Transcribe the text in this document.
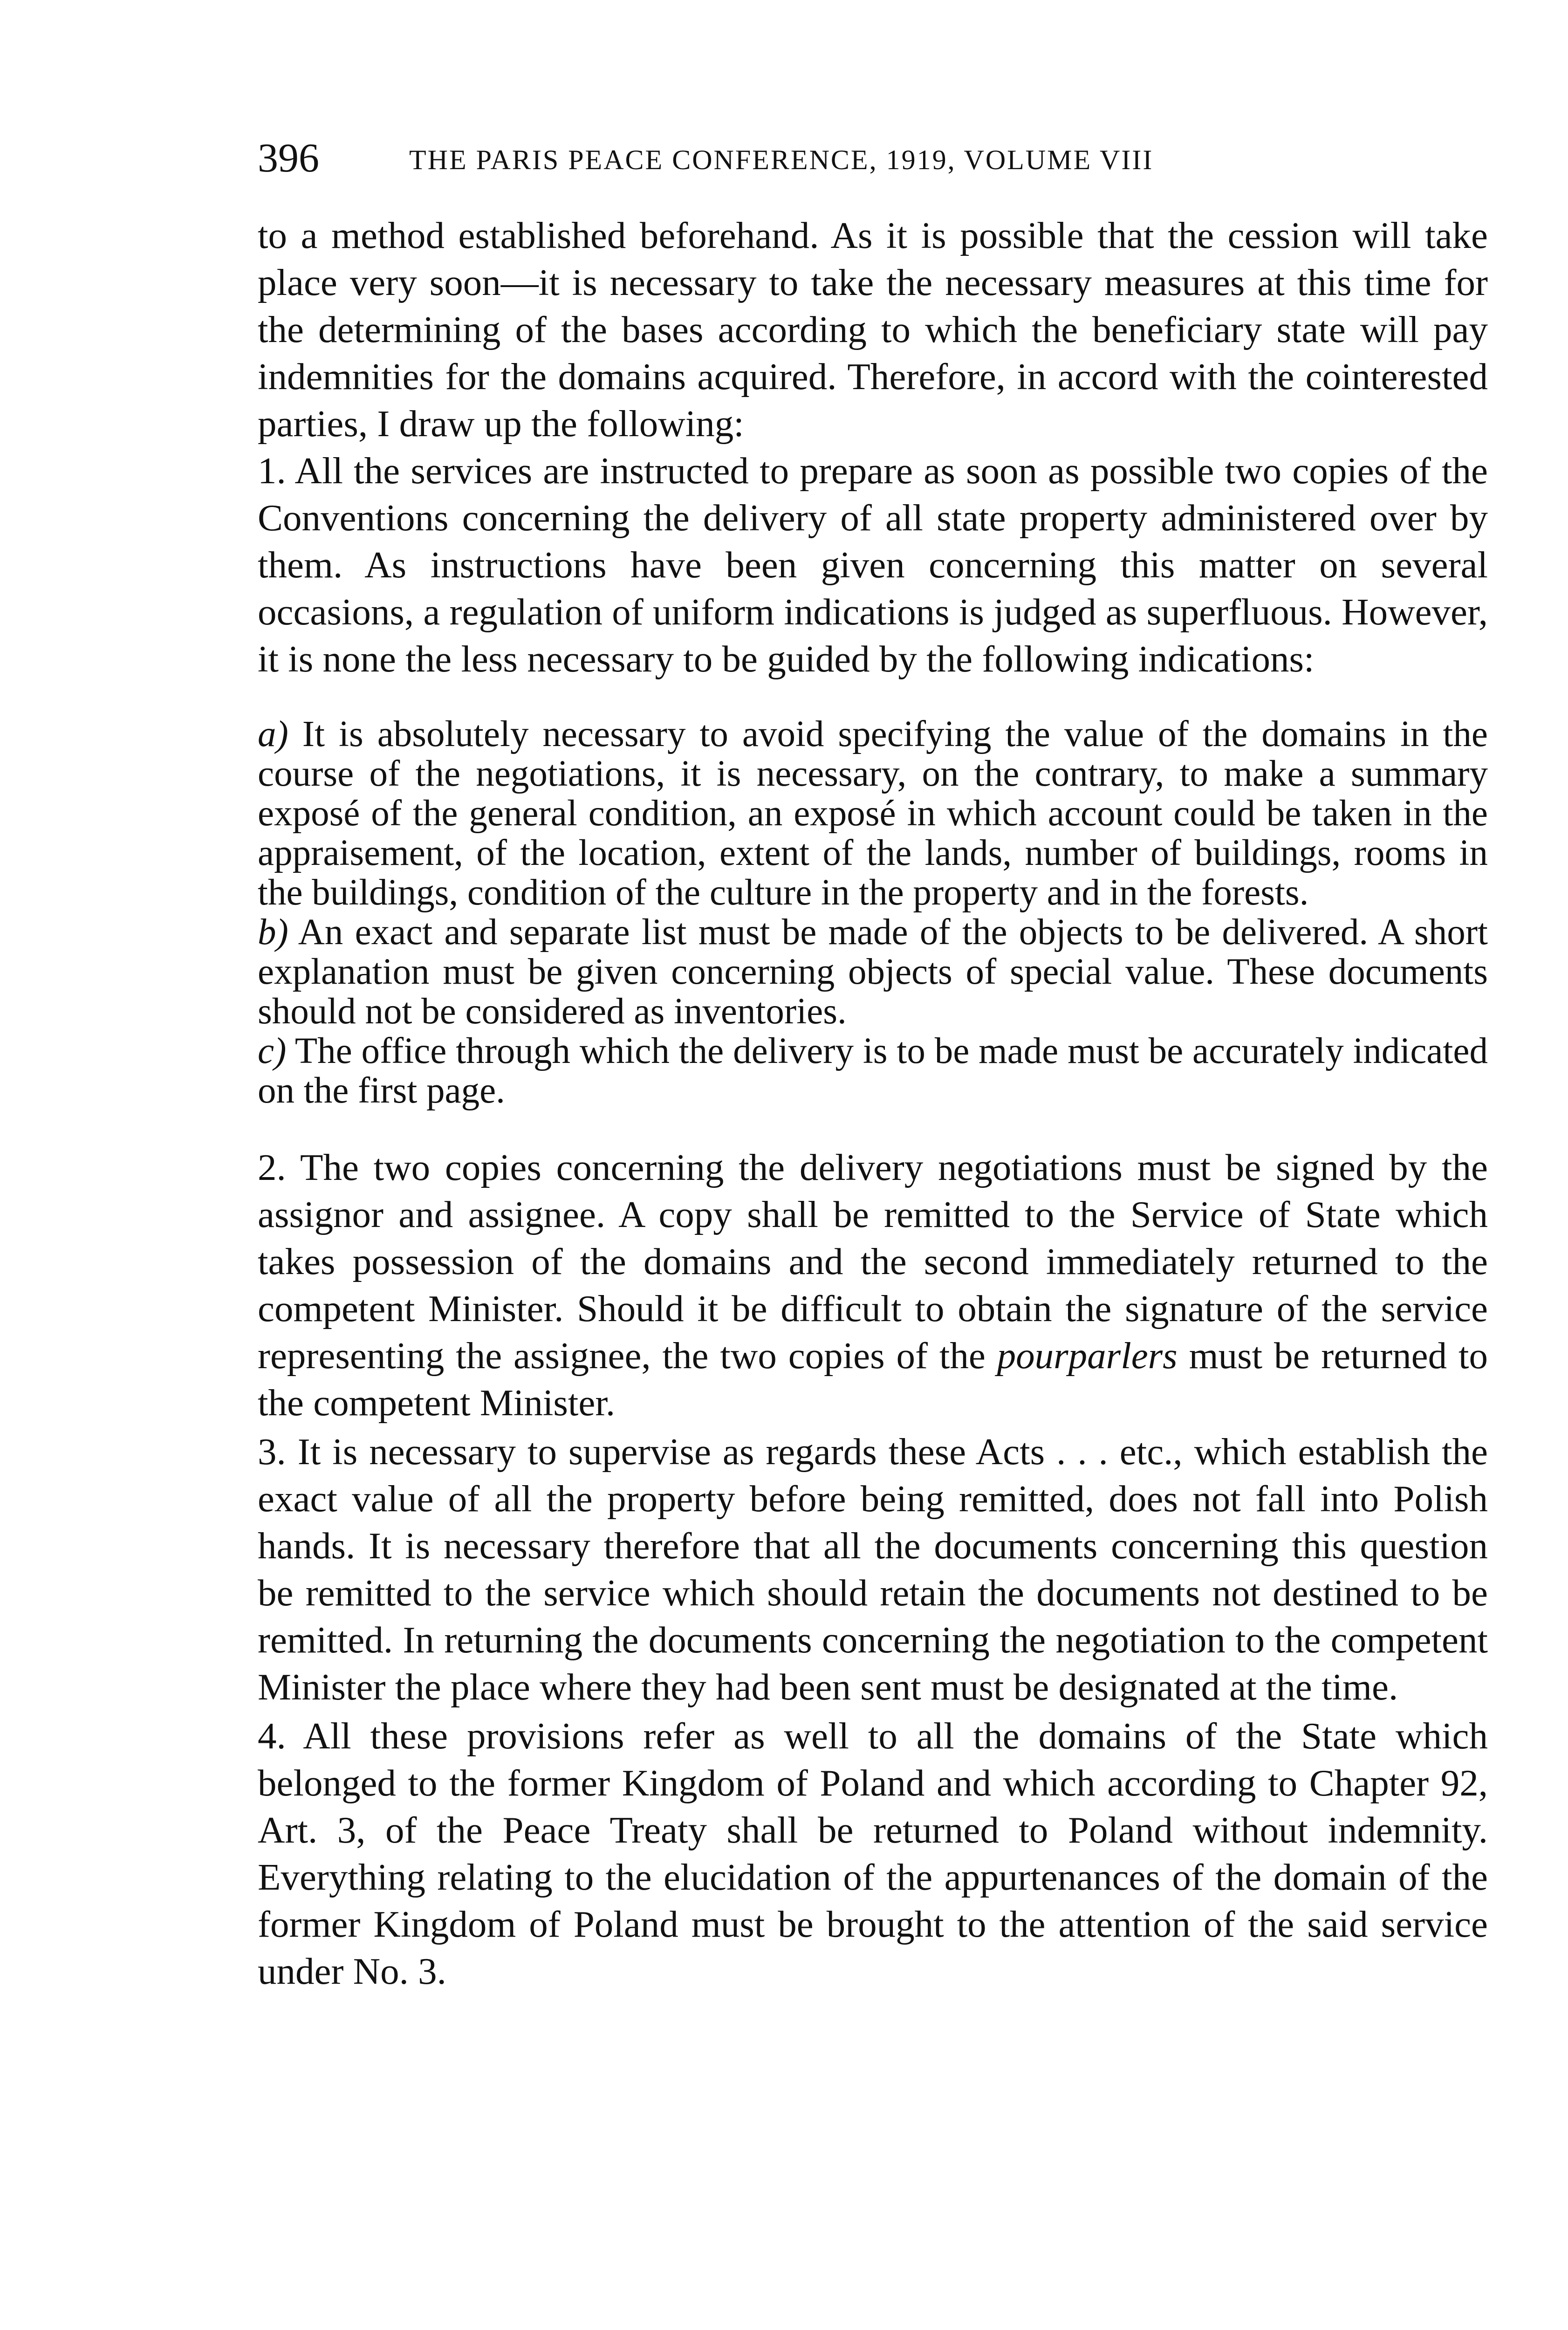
396	THE PARIS PEACE CONFERENCE, 1919, VOLUME VIII

to a method established beforehand. As it is possible that the cession will take place very soon—it is necessary to take the necessary measures at this time for the determining of the bases according to which the beneficiary state will pay indemnities for the domains acquired. Therefore, in accord with the cointerested parties, I draw up the following:

1. All the services are instructed to prepare as soon as possible two copies of the Conventions concerning the delivery of all state property administered over by them. As instructions have been given concerning this matter on several occasions, a regulation of uniform indications is judged as superfluous. However, it is none the less necessary to be guided by the following indications:

a) It is absolutely necessary to avoid specifying the value of the domains in the course of the negotiations, it is necessary, on the contrary, to make a summary exposé of the general condition, an exposé in which account could be taken in the appraisement, of the location, extent of the lands, number of buildings, rooms in the buildings, condition of the culture in the property and in the forests.

b) An exact and separate list must be made of the objects to be delivered. A short explanation must be given concerning objects of special value. These documents should not be considered as inventories.

c) The office through which the delivery is to be made must be accurately indicated on the first page.

2. The two copies concerning the delivery negotiations must be signed by the assignor and assignee. A copy shall be remitted to the Service of State which takes possession of the domains and the second immediately returned to the competent Minister. Should it be difficult to obtain the signature of the service representing the assignee, the two copies of the pourparlers must be returned to the competent Minister.

3. It is necessary to supervise as regards these Acts . . . etc., which establish the exact value of all the property before being remitted, does not fall into Polish hands. It is necessary therefore that all the documents concerning this question be remitted to the service which should retain the documents not destined to be remitted. In returning the documents concerning the negotiation to the competent Minister the place where they had been sent must be designated at the time.

4. All these provisions refer as well to all the domains of the State which belonged to the former Kingdom of Poland and which according to Chapter 92, Art. 3, of the Peace Treaty shall be returned to Poland without indemnity. Everything relating to the elucidation of the appurtenances of the domain of the former Kingdom of Poland must be brought to the attention of the said service under No. 3.
